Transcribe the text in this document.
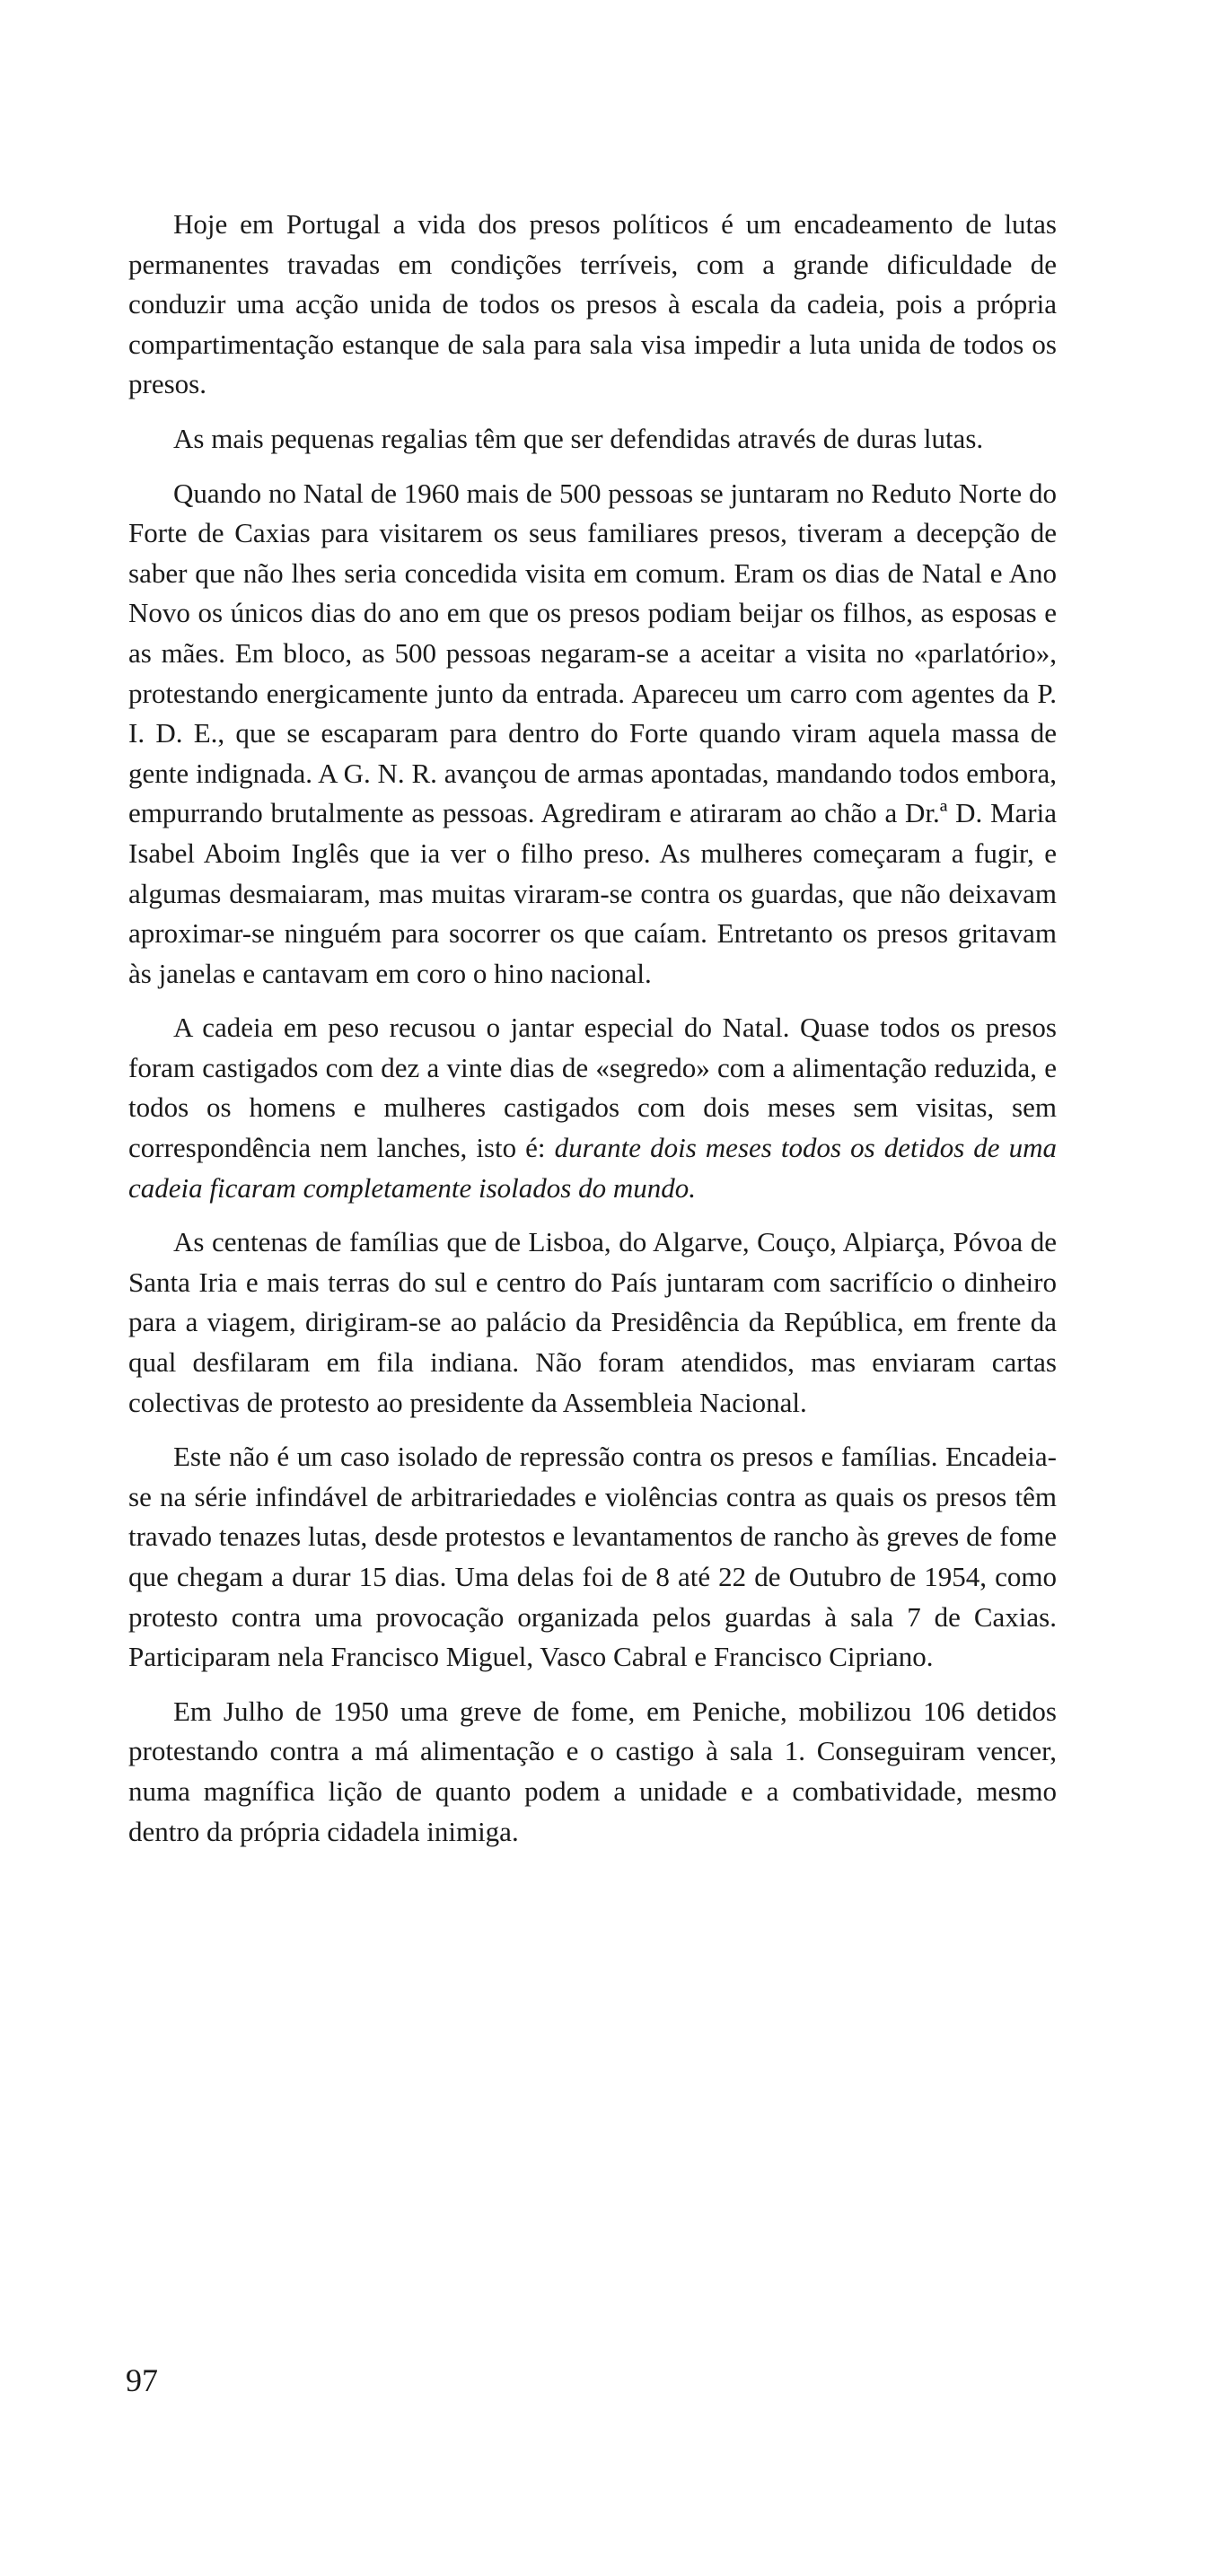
Hoje em Portugal a vida dos presos políticos é um encadeamento de lutas permanentes travadas em condições terríveis, com a grande dificuldade de conduzir uma acção unida de todos os presos à escala da cadeia, pois a própria compartimentação estanque de sala para sala visa impedir a luta unida de todos os presos.

As mais pequenas regalias têm que ser defendidas através de duras lutas.

Quando no Natal de 1960 mais de 500 pessoas se juntaram no Reduto Norte do Forte de Caxias para visitarem os seus familiares presos, tiveram a decepção de saber que não lhes seria concedida visita em comum. Eram os dias de Natal e Ano Novo os únicos dias do ano em que os presos podiam beijar os filhos, as esposas e as mães. Em bloco, as 500 pessoas negaram-se a aceitar a visita no «parlatório», protestando energicamente junto da entrada. Apareceu um carro com agentes da P. I. D. E., que se escaparam para dentro do Forte quando viram aquela massa de gente indignada. A G. N. R. avançou de armas apontadas, mandando todos embora, empurrando brutalmente as pessoas. Agrediram e atiraram ao chão a Dr.ª D. Maria Isabel Aboim Inglês que ia ver o filho preso. As mulheres começaram a fugir, e algumas desmaiaram, mas muitas viraram-se contra os guardas, que não deixavam aproximar-se ninguém para socorrer os que caíam. Entretanto os presos gritavam às janelas e cantavam em coro o hino nacional.

A cadeia em peso recusou o jantar especial do Natal. Quase todos os presos foram castigados com dez a vinte dias de «segredo» com a alimentação reduzida, e todos os homens e mulheres castigados com dois meses sem visitas, sem correspondência nem lanches, isto é: durante dois meses todos os detidos de uma cadeia ficaram completamente isolados do mundo.

As centenas de famílias que de Lisboa, do Algarve, Couço, Alpiarça, Póvoa de Santa Iria e mais terras do sul e centro do País juntaram com sacrifício o dinheiro para a viagem, dirigiram-se ao palácio da Presidência da República, em frente da qual desfilaram em fila indiana. Não foram atendidos, mas enviaram cartas colectivas de protesto ao presidente da Assembleia Nacional.

Este não é um caso isolado de repressão contra os presos e famílias. Encadeia-se na série infindável de arbitrariedades e violências contra as quais os presos têm travado tenazes lutas, desde protestos e levantamentos de rancho às greves de fome que chegam a durar 15 dias. Uma delas foi de 8 até 22 de Outubro de 1954, como protesto contra uma provocação organizada pelos guardas à sala 7 de Caxias. Participaram nela Francisco Miguel, Vasco Cabral e Francisco Cipriano.

Em Julho de 1950 uma greve de fome, em Peniche, mobilizou 106 detidos protestando contra a má alimentação e o castigo à sala 1. Conseguiram vencer, numa magnífica lição de quanto podem a unidade e a combatividade, mesmo dentro da própria cidadela inimiga.

97
